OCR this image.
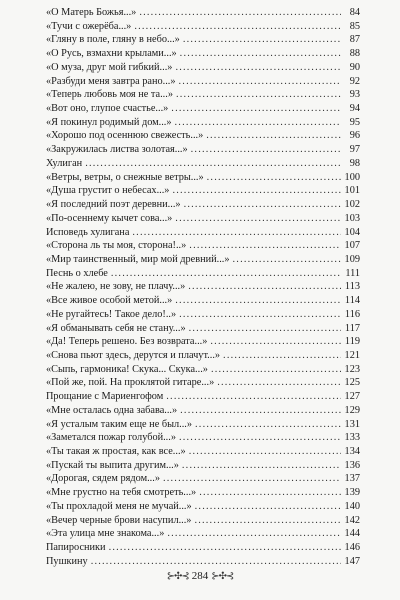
«О Матерь Божья...» .....	84
«Тучи с ожерёба...» .....	85
«Гляну в поле, гляну в небо...» .....	87
«О Русь, взмахни крылами...» .....	88
«О муза, друг мой гибкий...» .....	90
«Разбуди меня завтра рано...» .....	92
«Теперь любовь моя не та...» .....	93
«Вот оно, глупое счастье...» .....	94
«Я покинул родимый дом...» .....	95
«Хорошо под осеннюю свежесть...» .....	96
«Закружилась листва золотая...» .....	97
Хулиган .....	98
«Ветры, ветры, о снежные ветры...» .....	100
«Душа грустит о небесах...» .....	101
«Я последний поэт деревни...» .....	102
«По-осеннему кычет сова...» .....	103
Исповедь хулигана .....	104
«Сторона ль ты моя, сторона!..» .....	107
«Мир таинственный, мир мой древний...» .....	109
Песнь о хлебе .....	111
«Не жалею, не зову, не плачу...» .....	113
«Все живое особой метой...» .....	114
«Не ругайтесь! Такое дело!..» .....	116
«Я обманывать себя не стану...» .....	117
«Да! Теперь решено. Без возврата...» .....	119
«Снова пьют здесь, дерутся и плачут...» .....	121
«Сыпь, гармоника! Скука... Скука...» .....	123
«Пой же, пой. На проклятой гитаре...» .....	125
Прощание с Мариенгофом .....	127
«Мне осталась одна забава...» .....	129
«Я усталым таким еще не был...» .....	131
«Заметался пожар голубой...» .....	133
«Ты такая ж простая, как все...» .....	134
«Пускай ты выпита другим...» .....	136
«Дорогая, сядем рядом...» .....	137
«Мне грустно на тебя смотреть...» .....	139
«Ты прохладой меня не мучай...» .....	140
«Вечер черные брови насупил...» .....	142
«Эта улица мне знакома...» .....	144
Папиросники .....	146
Пушкину .....	147
⊱✣⊰ 284 ⊱✣⊰
